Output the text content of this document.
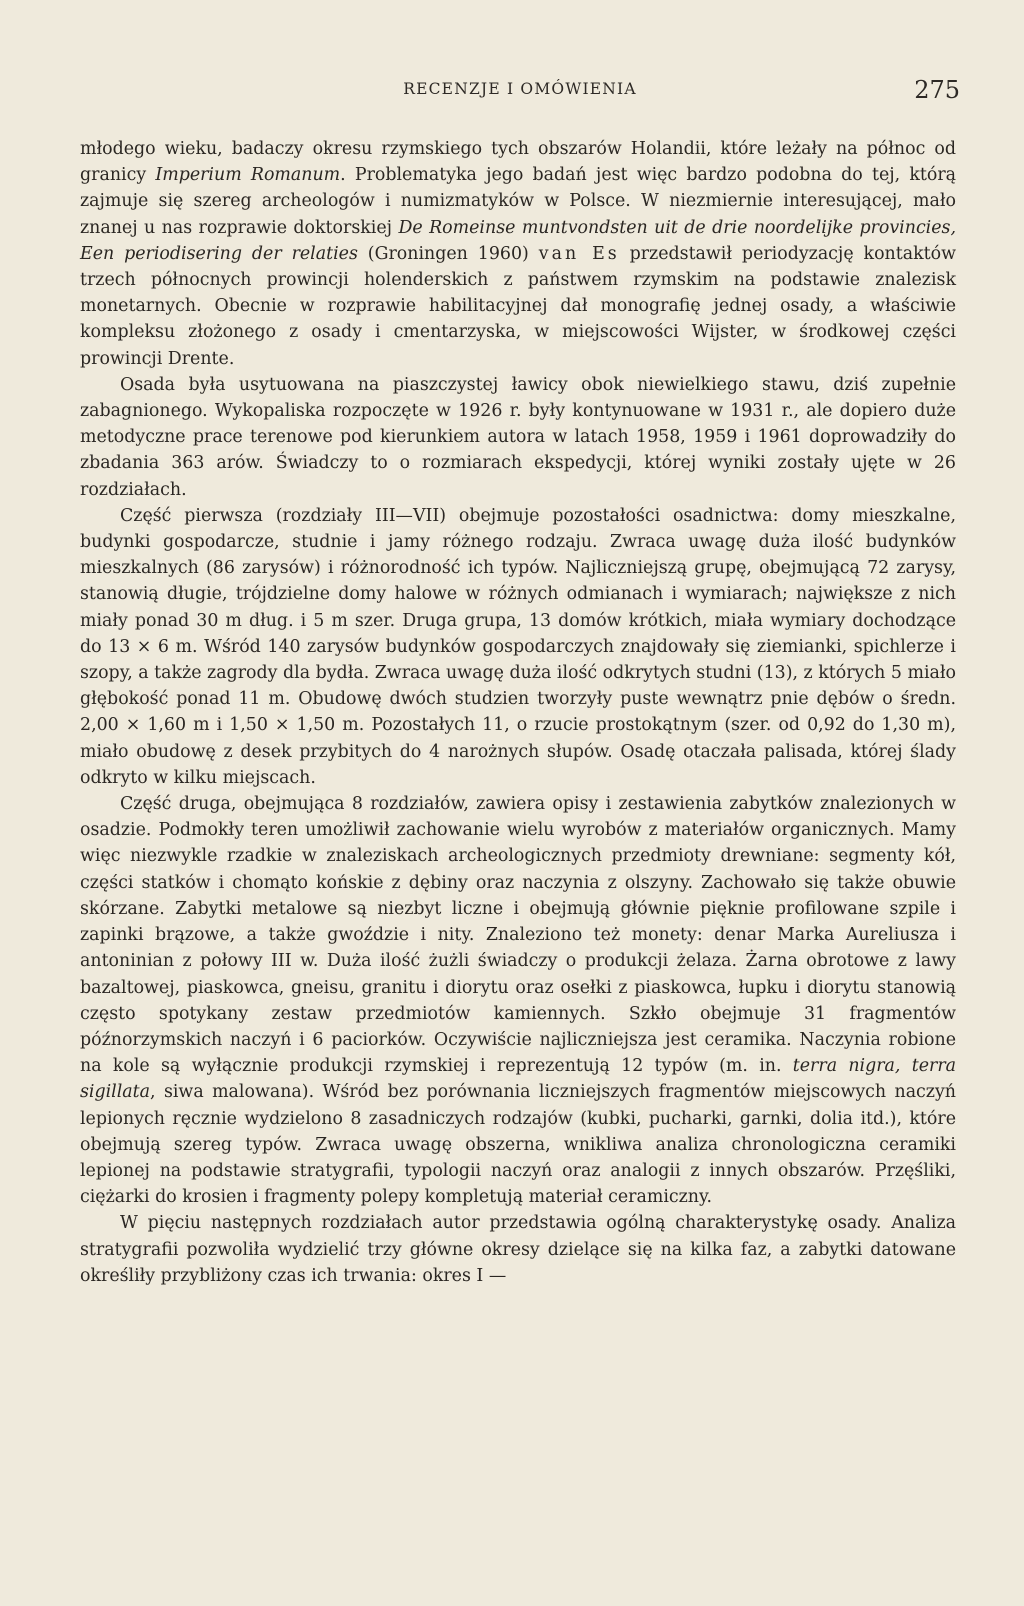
RECENZJE I OMÓWIENIA	275

młodego wieku, badaczy okresu rzymskiego tych obszarów Holandii, które leżały na północ od granicy Imperium Romanum. Problematyka jego badań jest więc bardzo podobna do tej, którą zajmuje się szereg archeologów i numizmatyków w Polsce. W niezmiernie interesującej, mało znanej u nas rozprawie doktorskiej De Romeinse muntvondsten uit de drie noordelijke provincies, Een periodisering der relaties (Groningen 1960) van Es przedstawił periodyzację kontaktów trzech północnych prowincji holenderskich z państwem rzymskim na podstawie znalezisk monetarnych. Obecnie w rozprawie habilitacyjnej dał monografię jednej osady, a właściwie kompleksu złożonego z osady i cmentarzyska, w miejscowości Wijster, w środkowej części prowincji Drente.

Osada była usytuowana na piaszczystej ławicy obok niewielkiego stawu, dziś zupełnie zabagnionego. Wykopaliska rozpoczęte w 1926 r. były kontynuowane w 1931 r., ale dopiero duże metodyczne prace terenowe pod kierunkiem autora w latach 1958, 1959 i 1961 doprowadziły do zbadania 363 arów. Świadczy to o rozmiarach ekspedycji, której wyniki zostały ujęte w 26 rozdziałach.

Część pierwsza (rozdziały III—VII) obejmuje pozostałości osadnictwa: domy mieszkalne, budynki gospodarcze, studnie i jamy różnego rodzaju. Zwraca uwagę duża ilość budynków mieszkalnych (86 zarysów) i różnorodność ich typów. Najliczniejszą grupę, obejmującą 72 zarysy, stanowią długie, trójdzielne domy halowe w różnych odmianach i wymiarach; największe z nich miały ponad 30 m dług. i 5 m szer. Druga grupa, 13 domów krótkich, miała wymiary dochodzące do 13 × 6 m. Wśród 140 zarysów budynków gospodarczych znajdowały się ziemianki, spichlerze i szopy, a także zagrody dla bydła. Zwraca uwagę duża ilość odkrytych studni (13), z których 5 miało głębokość ponad 11 m. Obudowę dwóch studzien tworzyły puste wewnątrz pnie dębów o średn. 2,00 × 1,60 m i 1,50 × 1,50 m. Pozostałych 11, o rzucie prostokątnym (szer. od 0,92 do 1,30 m), miało obudowę z desek przybitych do 4 narożnych słupów. Osadę otaczała palisada, której ślady odkryto w kilku miejscach.

Część druga, obejmująca 8 rozdziałów, zawiera opisy i zestawienia zabytków znalezionych w osadzie. Podmokły teren umożliwił zachowanie wielu wyrobów z materiałów organicznych. Mamy więc niezwykle rzadkie w znaleziskach archeologicznych przedmioty drewniane: segmenty kół, części statków i chomąto końskie z dębiny oraz naczynia z olszyny. Zachowało się także obuwie skórzane. Zabytki metalowe są niezbyt liczne i obejmują głównie pięknie profilowane szpile i zapinki brązowe, a także gwoździe i nity. Znaleziono też monety: denar Marka Aureliusza i antoninian z połowy III w. Duża ilość żużli świadczy o produkcji żelaza. Żarna obrotowe z lawy bazaltowej, piaskowca, gneisu, granitu i diorytu oraz osełki z piaskowca, łupku i diorytu stanowią często spotykany zestaw przedmiotów kamiennych. Szkło obejmuje 31 fragmentów późnorzymskich naczyń i 6 paciorków. Oczywiście najliczniejsza jest ceramika. Naczynia robione na kole są wyłącznie produkcji rzymskiej i reprezentują 12 typów (m. in. terra nigra, terra sigillata, siwa malowana). Wśród bez porównania liczniejszych fragmentów miejscowych naczyń lepionych ręcznie wydzielono 8 zasadniczych rodzajów (kubki, pucharki, garnki, dolia itd.), które obejmują szereg typów. Zwraca uwagę obszerna, wnikliwa analiza chronologiczna ceramiki lepionej na podstawie stratygrafii, typologii naczyń oraz analogii z innych obszarów. Przęśliki, ciężarki do krosien i fragmenty polepy kompletują materiał ceramiczny.

W pięciu następnych rozdziałach autor przedstawia ogólną charakterystykę osady. Analiza stratygrafii pozwoliła wydzielić trzy główne okresy dzielące się na kilka faz, a zabytki datowane określiły przybliżony czas ich trwania: okres I —
